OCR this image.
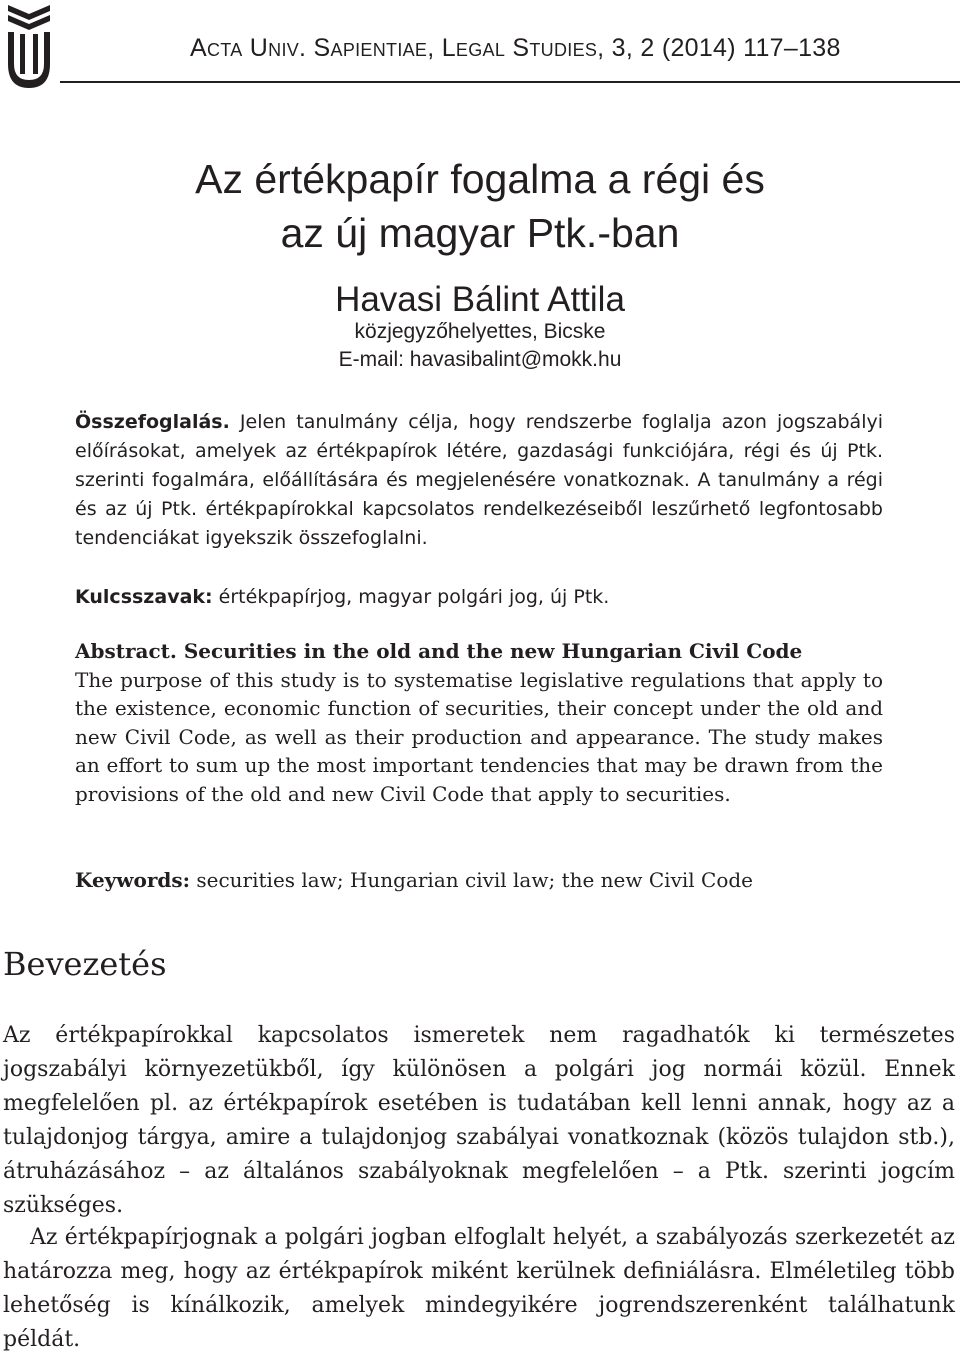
Acta Univ. Sapientiae, Legal Studies, 3, 2 (2014) 117–138
Az értékpapír fogalma a régi és
az új magyar Ptk.-ban
Havasi Bálint Attila
közjegyzőhelyettes, Bicske
E-mail: havasibalint@mokk.hu

Összefoglalás. Jelen tanulmány célja, hogy rendszerbe foglalja azon jogszabályi előírásokat, amelyek az értékpapírok létére, gazdasági funkciójára, régi és új Ptk. szerinti fogalmára, előállítására és megjelenésére vonatkoznak. A tanulmány a régi és az új Ptk. értékpapírokkal kapcsolatos rendelkezéseiből leszűrhető legfontosabb tendenciákat igyekszik összefoglalni.

Kulcsszavak: értékpapírjog, magyar polgári jog, új Ptk.

Abstract. Securities in the old and the new Hungarian Civil Code
The purpose of this study is to systematise legislative regulations that apply to the existence, economic function of securities, their concept under the old and new Civil Code, as well as their production and appearance. The study makes an effort to sum up the most important tendencies that may be drawn from the provisions of the old and new Civil Code that apply to securities.

Keywords: securities law; Hungarian civil law; the new Civil Code

Bevezetés

Az értékpapírokkal kapcsolatos ismeretek nem ragadhatók ki természetes jogszabályi környezetükből, így különösen a polgári jog normái közül. Ennek megfelelően pl. az értékpapírok esetében is tudatában kell lenni annak, hogy az a tulajdonjog tárgya, amire a tulajdonjog szabályai vonatkoznak (közös tulajdon stb.), átruházásához – az általános szabályoknak megfelelően – a Ptk. szerinti jogcím szükséges.

Az értékpapírjognak a polgári jogban elfoglalt helyét, a szabályozás szerkezetét az határozza meg, hogy az értékpapírok miként kerülnek definiálásra. Elméletileg több lehetőség is kínálkozik, amelyek mindegyikére jogrendszerenként találhatunk példát.
